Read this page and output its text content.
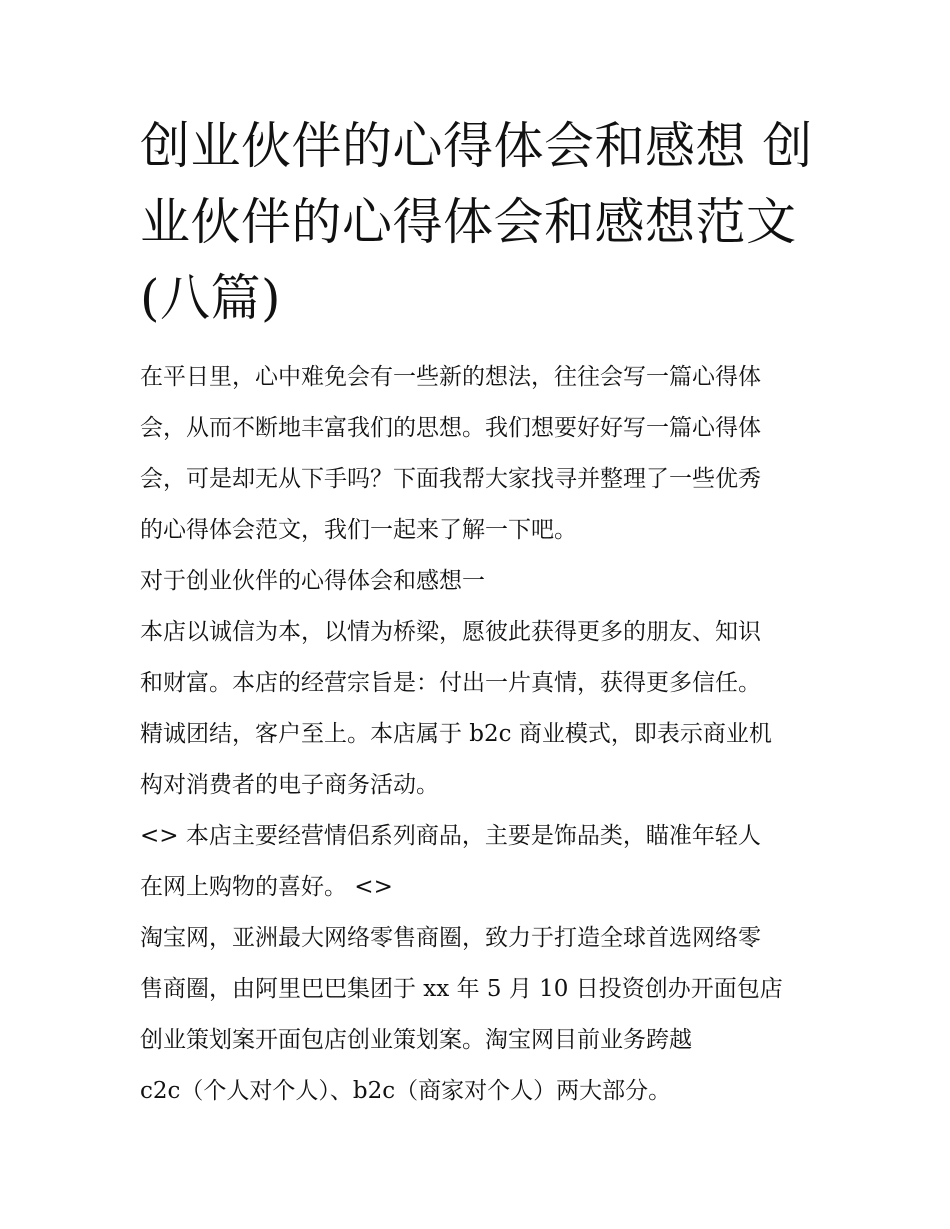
创业伙伴的心得体会和感想 创业伙伴的心得体会和感想范文(八篇)
在平日里，心中难免会有一些新的想法，往往会写一篇心得体
会，从而不断地丰富我们的思想。我们想要好好写一篇心得体
会，可是却无从下手吗？下面我帮大家找寻并整理了一些优秀
的心得体会范文，我们一起来了解一下吧。
对于创业伙伴的心得体会和感想一
本店以诚信为本，以情为桥梁，愿彼此获得更多的朋友、知识
和财富。本店的经营宗旨是：付出一片真情，获得更多信任。
精诚团结，客户至上。本店属于 b2c 商业模式，即表示商业机
构对消费者的电子商务活动。
<> 本店主要经营情侣系列商品，主要是饰品类，瞄准年轻人
在网上购物的喜好。 <>
淘宝网，亚洲最大网络零售商圈，致力于打造全球首选网络零
售商圈，由阿里巴巴集团于 xx 年 5 月 10 日投资创办开面包店
创业策划案开面包店创业策划案。淘宝网目前业务跨越
c2c（个人对个人）、b2c（商家对个人）两大部分。
